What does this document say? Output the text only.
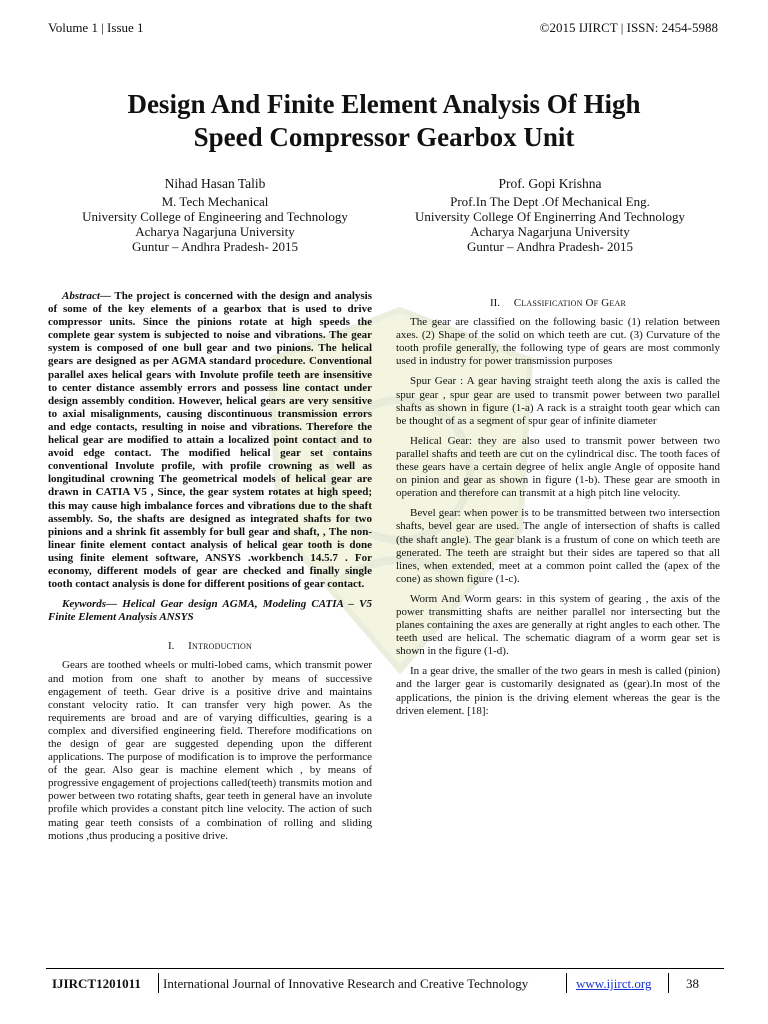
Volume 1 | Issue 1	©2015 IJIRCT | ISSN: 2454-5988
Design And Finite Element Analysis Of High
Speed Compressor Gearbox Unit
Nihad Hasan Talib
M. Tech Mechanical
University College of Engineering and Technology
Acharya Nagarjuna University
Guntur – Andhra Pradesh- 2015
Prof. Gopi Krishna
Prof.In The Dept .Of Mechanical Eng.
University College Of Enginerring And Technology
Acharya Nagarjuna University
Guntur – Andhra Pradesh- 2015

Abstract— The project is concerned with the design and analysis of some of the key elements of a gearbox that is used to drive compressor units. Since the pinions rotate at high speeds the complete gear system is subjected to noise and vibrations. The gear system is composed of one bull gear and two pinions. The helical gears are designed as per AGMA standard procedure. Conventional parallel axes helical gears with Involute profile teeth are insensitive to center distance assembly errors and possess line contact under design assembly condition. However, helical gears are very sensitive to axial misalignments, causing discontinuous transmission errors and edge contacts, resulting in noise and vibrations. Therefore the helical gear are modified to attain a localized point contact and to avoid edge contact. The modified helical gear set contains conventional Involute profile, with profile crowning as well as longitudinal crowning The geometrical models of helical gear are drawn in CATIA V5 , Since, the gear system rotates at high speed; this may cause high imbalance forces and vibrations due to the shaft assembly. So, the shafts are designed as integrated shafts for two pinions and a shrink fit assembly for bull gear and shaft, , The non-linear finite element contact analysis of helical gear tooth is done using finite element software, ANSYS .workbench 14.5.7 . For economy, different models of gear are checked and finally single tooth contact analysis is done for different positions of gear contact.

Keywords— Helical Gear design AGMA, Modeling CATIA – V5 Finite Element Analysis ANSYS

I. Introduction

Gears are toothed wheels or multi-lobed cams, which transmit power and motion from one shaft to another by means of successive engagement of teeth. Gear drive is a positive drive and maintains constant velocity ratio. It can transfer very high power. As the requirements are broad and are of varying difficulties, gearing is a complex and diversified engineering field. Therefore modifications on the design of gear are suggested depending upon the different applications. The purpose of modification is to improve the performance of the gear. Also gear is machine element which , by means of progressive engagement of projections called(teeth) transmits motion and power between two rotating shafts, gear teeth in general have an involute profile which provides a constant pitch line velocity. The action of such mating gear teeth consists of a combination of rolling and sliding motions ,thus producing a positive drive.

II. Classification Of Gear

The gear are classified on the following basic (1) relation between axes. (2) Shape of the solid on which teeth are cut. (3) Curvature of the tooth profile generally, the following type of gears are most commonly used in industry for power transmission purposes

Spur Gear : A gear having straight teeth along the axis is called the spur gear , spur gear are used to transmit power between two parallel shafts as shown in figure (1-a) A rack is a straight tooth gear which can be thought of as a segment of spur gear of infinite diameter

Helical Gear: they are also used to transmit power between two parallel shafts and teeth are cut on the cylindrical disc. The tooth faces of these gears have a certain degree of helix angle Angle of opposite hand on pinion and gear as shown in figure (1-b). These gear are smooth in operation and therefore can transmit at a high pitch line velocity.

Bevel gear: when power is to be transmitted between two intersection shafts, bevel gear are used. The angle of intersection of shafts is called (the shaft angle). The gear blank is a frustum of cone on which teeth are generated. The teeth are straight but their sides are tapered so that all lines, when extended, meet at a common point called the (apex of the cone) as shown figure (1-c).

Worm And Worm gears: in this system of gearing , the axis of the power transmitting shafts are neither parallel nor intersecting but the planes containing the axes are generally at right angles to each other. The teeth used are helical. The schematic diagram of a worm gear set is shown in the figure (1-d).

In a gear drive, the smaller of the two gears in mesh is called (pinion) and the larger gear is customarily designated as (gear).In most of the applications, the pinion is the driving element whereas the gear is the driven element. [18]:

IJIRCT1201011 International Journal of Innovative Research and Creative Technology	www.ijirct.org	38
